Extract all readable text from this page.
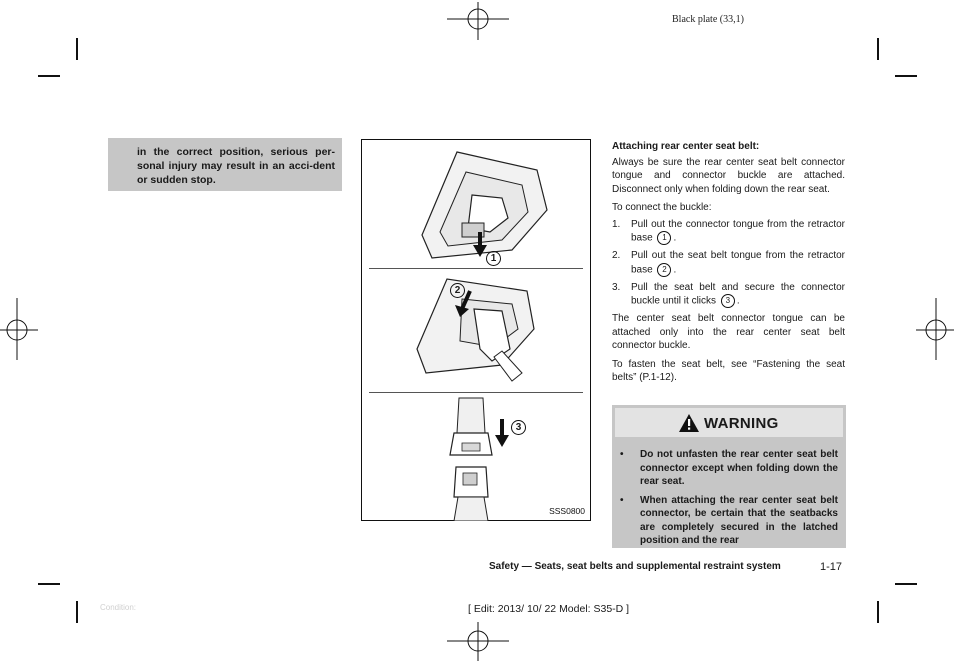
Black plate (33,1)

in the correct position, serious per-sonal injury may result in an acci-dent or sudden stop.

1
2
3
SSS0800
Attaching rear center seat belt:

Always be sure the rear center seat belt connector tongue and connector buckle are attached. Disconnect only when folding down the rear seat.

To connect the buckle:

1. Pull out the connector tongue from the retractor base 1 .
2. Pull out the seat belt tongue from the retractor base 2 .
3. Pull the seat belt and secure the connector buckle until it clicks 3 .

The center seat belt connector tongue can be attached only into the rear center seat belt connector buckle.

To fasten the seat belt, see “Fastening the seat belts” (P.1-12).

WARNING
• Do not unfasten the rear center seat belt connector except when folding down the rear seat.
• When attaching the rear center seat belt connector, be certain that the seatbacks are completely secured in the latched position and the rear
Safety — Seats, seat belts and supplemental restraint system	1-17
Condition:	[ Edit: 2013/ 10/ 22 Model: S35-D ]
